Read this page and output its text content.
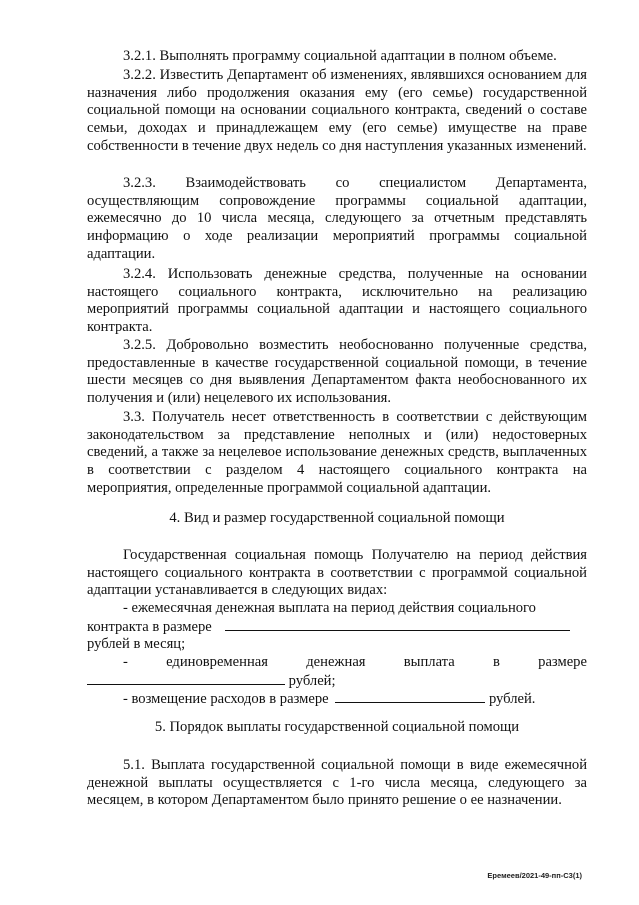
3.2.1. Выполнять программу социальной адаптации в полном объеме.

3.2.2. Известить Департамент об изменениях, являвшихся основанием для назначения либо продолжения оказания ему (его семье) государственной социальной помощи на основании социального контракта, сведений о составе семьи, доходах и принадлежащем ему (его семье) имуществе на праве собственности в течение двух недель со дня наступления указанных изменений.

3.2.3. Взаимодействовать со специалистом Департамента, осуществляющим сопровождение программы социальной адаптации, ежемесячно до 10 числа месяца, следующего за отчетным представлять информацию о ходе реализации мероприятий программы социальной адаптации.

3.2.4. Использовать денежные средства, полученные на основании настоящего социального контракта, исключительно на реализацию мероприятий программы социальной адаптации и настоящего социального контракта.

3.2.5. Добровольно возместить необоснованно полученные средства, предоставленные в качестве государственной социальной помощи, в течение шести месяцев со дня выявления Департаментом факта необоснованного их получения и (или) нецелевого их использования.

3.3. Получатель несет ответственность в соответствии с действующим законодательством за представление неполных и (или) недостоверных сведений, а также за нецелевое использование денежных средств, выплаченных в соответствии с разделом 4 настоящего социального контракта на мероприятия, определенные программой социальной адаптации.

4. Вид и размер государственной социальной помощи

Государственная социальная помощь Получателю на период действия настоящего социального контракта в соответствии с программой социальной адаптации устанавливается в следующих видах:

- ежемесячная денежная выплата на период действия социального
контракта в размере
рублей в месяц;
-	единовременная	денежная	выплата	в	размере
рублей;
- возмещение расходов в размере	рублей.

5. Порядок выплаты государственной социальной помощи

5.1. Выплата государственной социальной помощи в виде ежемесячной денежной выплаты осуществляется с 1-го числа месяца, следующего за месяцем, в котором Департаментом было принято решение о ее назначении.

Еремеев/2021-49-пп-С3(1)
